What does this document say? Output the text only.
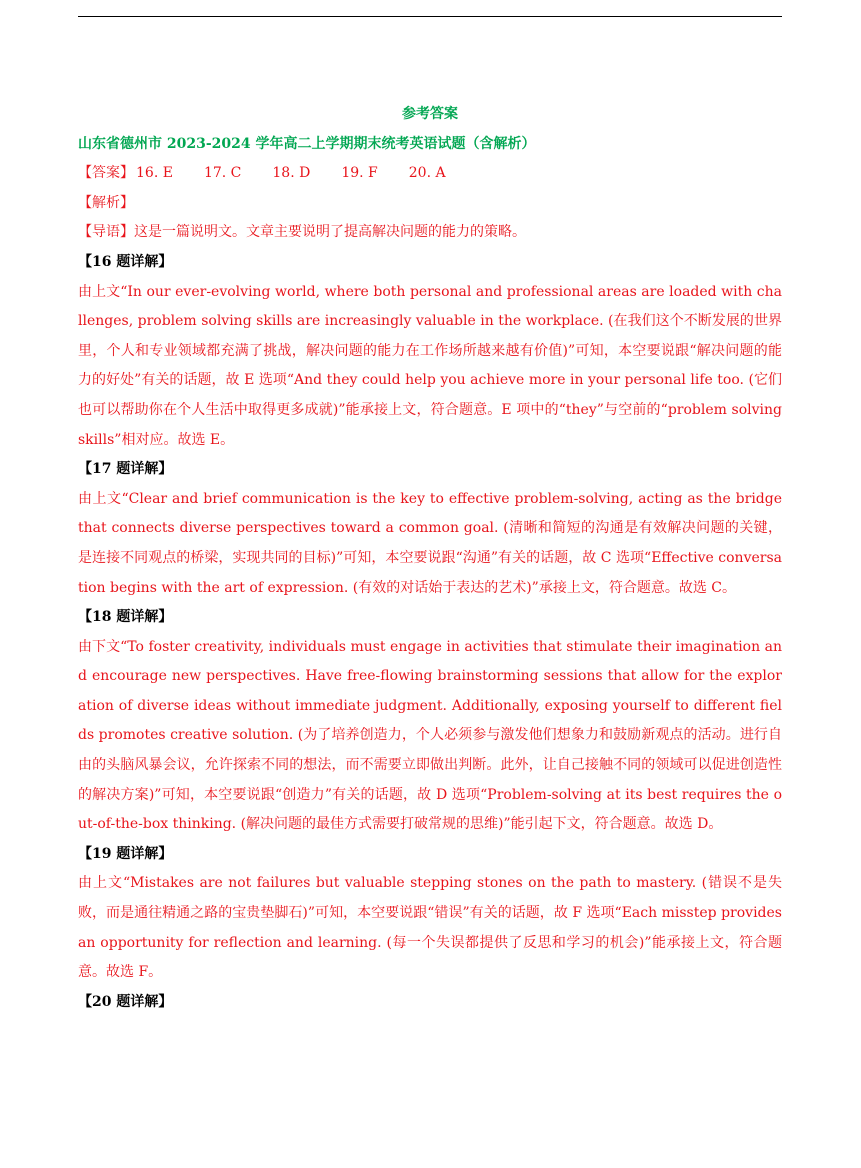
参考答案
山东省德州市 2023-2024 学年高二上学期期末统考英语试题（含解析）
【答案】 16. E 17. C 18. D 19. F 20. A
【解析】
【导语】这是一篇说明文。文章主要说明了提高解决问题的能力的策略。
【16 题详解】
由上文“In our ever-evolving world, where both personal and professional areas are loaded with challenges, problem solving skills are increasingly valuable in the workplace. (在我们这个不断发展的世界里，个人和专业领域都充满了挑战，解决问题的能力在工作场所越来越有价值)”可知，本空要说跟“解决问题的能力的好处”有关的话题，故 E 选项“And they could help you achieve more in your personal life too. (它们也可以帮助你在个人生活中取得更多成就)”能承接上文，符合题意。E 项中的“they”与空前的“problem solving skills”相对应。故选 E。
【17 题详解】
由上文“Clear and brief communication is the key to effective problem-solving, acting as the bridge that connects diverse perspectives toward a common goal. (清晰和简短的沟通是有效解决问题的关键，是连接不同观点的桥梁，实现共同的目标)”可知，本空要说跟“沟通”有关的话题，故 C 选项“Effective conversation begins with the art of expression. (有效的对话始于表达的艺术)”承接上文，符合题意。故选 C。
【18 题详解】
由下文“To foster creativity, individuals must engage in activities that stimulate their imagination and encourage new perspectives. Have free-flowing brainstorming sessions that allow for the exploration of diverse ideas without immediate judgment. Additionally, exposing yourself to different fields promotes creative solution. (为了培养创造力，个人必须参与激发他们想象力和鼓励新观点的活动。进行自由的头脑风暴会议，允许探索不同的想法，而不需要立即做出判断。此外，让自己接触不同的领域可以促进创造性的解决方案)”可知，本空要说跟“创造力”有关的话题，故 D 选项“Problem-solving at its best requires the out-of-the-box thinking. (解决问题的最佳方式需要打破常规的思维)”能引起下文，符合题意。故选 D。
【19 题详解】
由上文“Mistakes are not failures but valuable stepping stones on the path to mastery. (错误不是失败，而是通往精通之路的宝贵垫脚石)”可知，本空要说跟“错误”有关的话题，故 F 选项“Each misstep provides an opportunity for reflection and learning. (每一个失误都提供了反思和学习的机会)”能承接上文，符合题意。故选 F。
【20 题详解】
